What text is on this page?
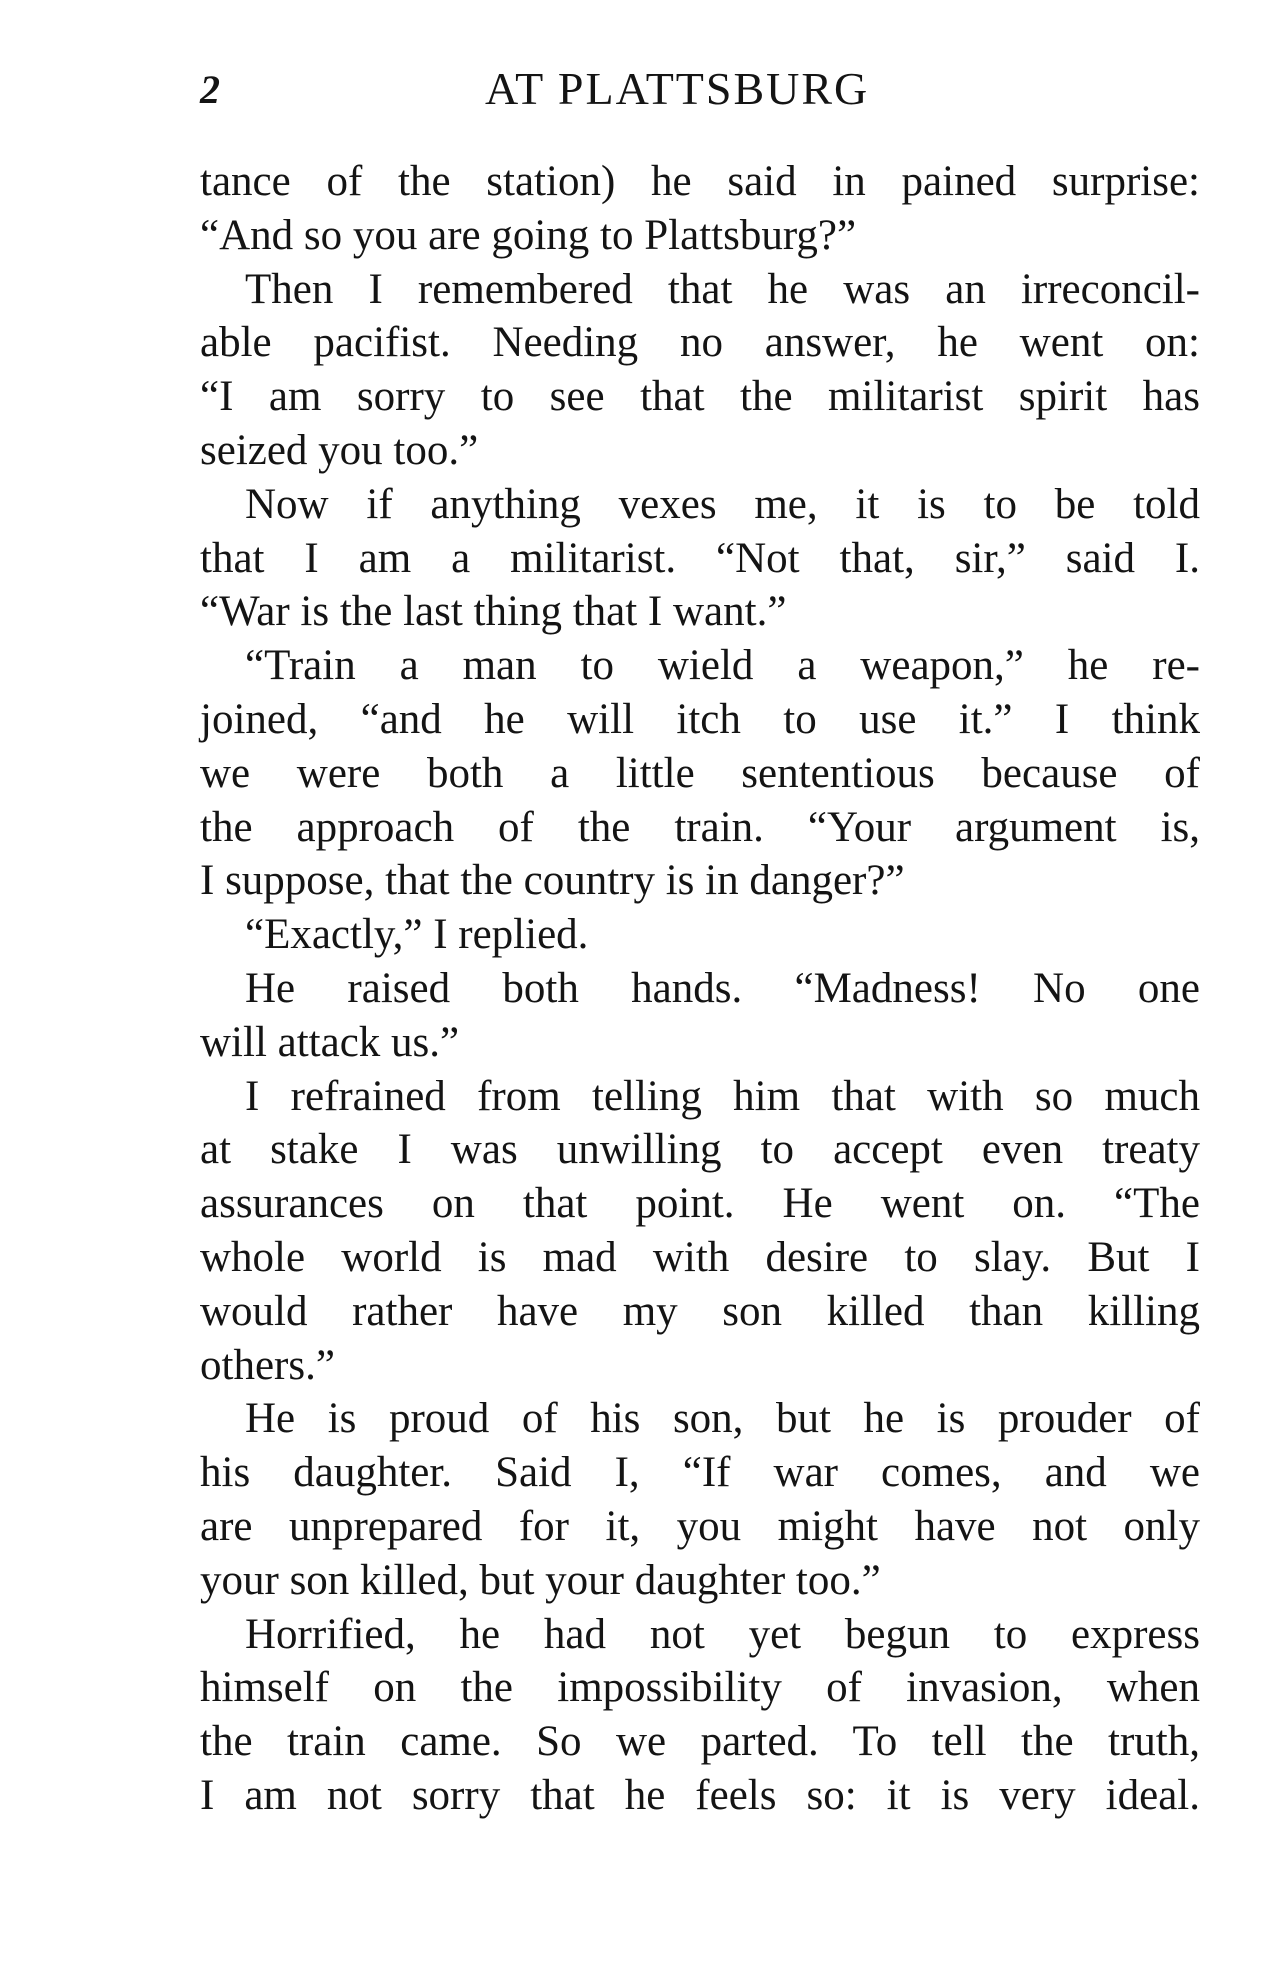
2	AT PLATTSBURG
tance of the station) he said in pained surprise:
“And so you are going to Plattsburg?”
Then I remembered that he was an irreconcil-
able pacifist. Needing no answer, he went on:
“I am sorry to see that the militarist spirit has
seized you too.”
Now if anything vexes me, it is to be told
that I am a militarist. “Not that, sir,” said I.
“War is the last thing that I want.”
“Train a man to wield a weapon,” he re-
joined, “and he will itch to use it.” I think
we were both a little sententious because of
the approach of the train. “Your argument is,
I suppose, that the country is in danger?”
“Exactly,” I replied.
He raised both hands. “Madness! No one
will attack us.”
I refrained from telling him that with so much
at stake I was unwilling to accept even treaty
assurances on that point. He went on. “The
whole world is mad with desire to slay. But I
would rather have my son killed than killing
others.”
He is proud of his son, but he is prouder of
his daughter. Said I, “If war comes, and we
are unprepared for it, you might have not only
your son killed, but your daughter too.”
Horrified, he had not yet begun to express
himself on the impossibility of invasion, when
the train came. So we parted. To tell the truth,
I am not sorry that he feels so: it is very ideal.
